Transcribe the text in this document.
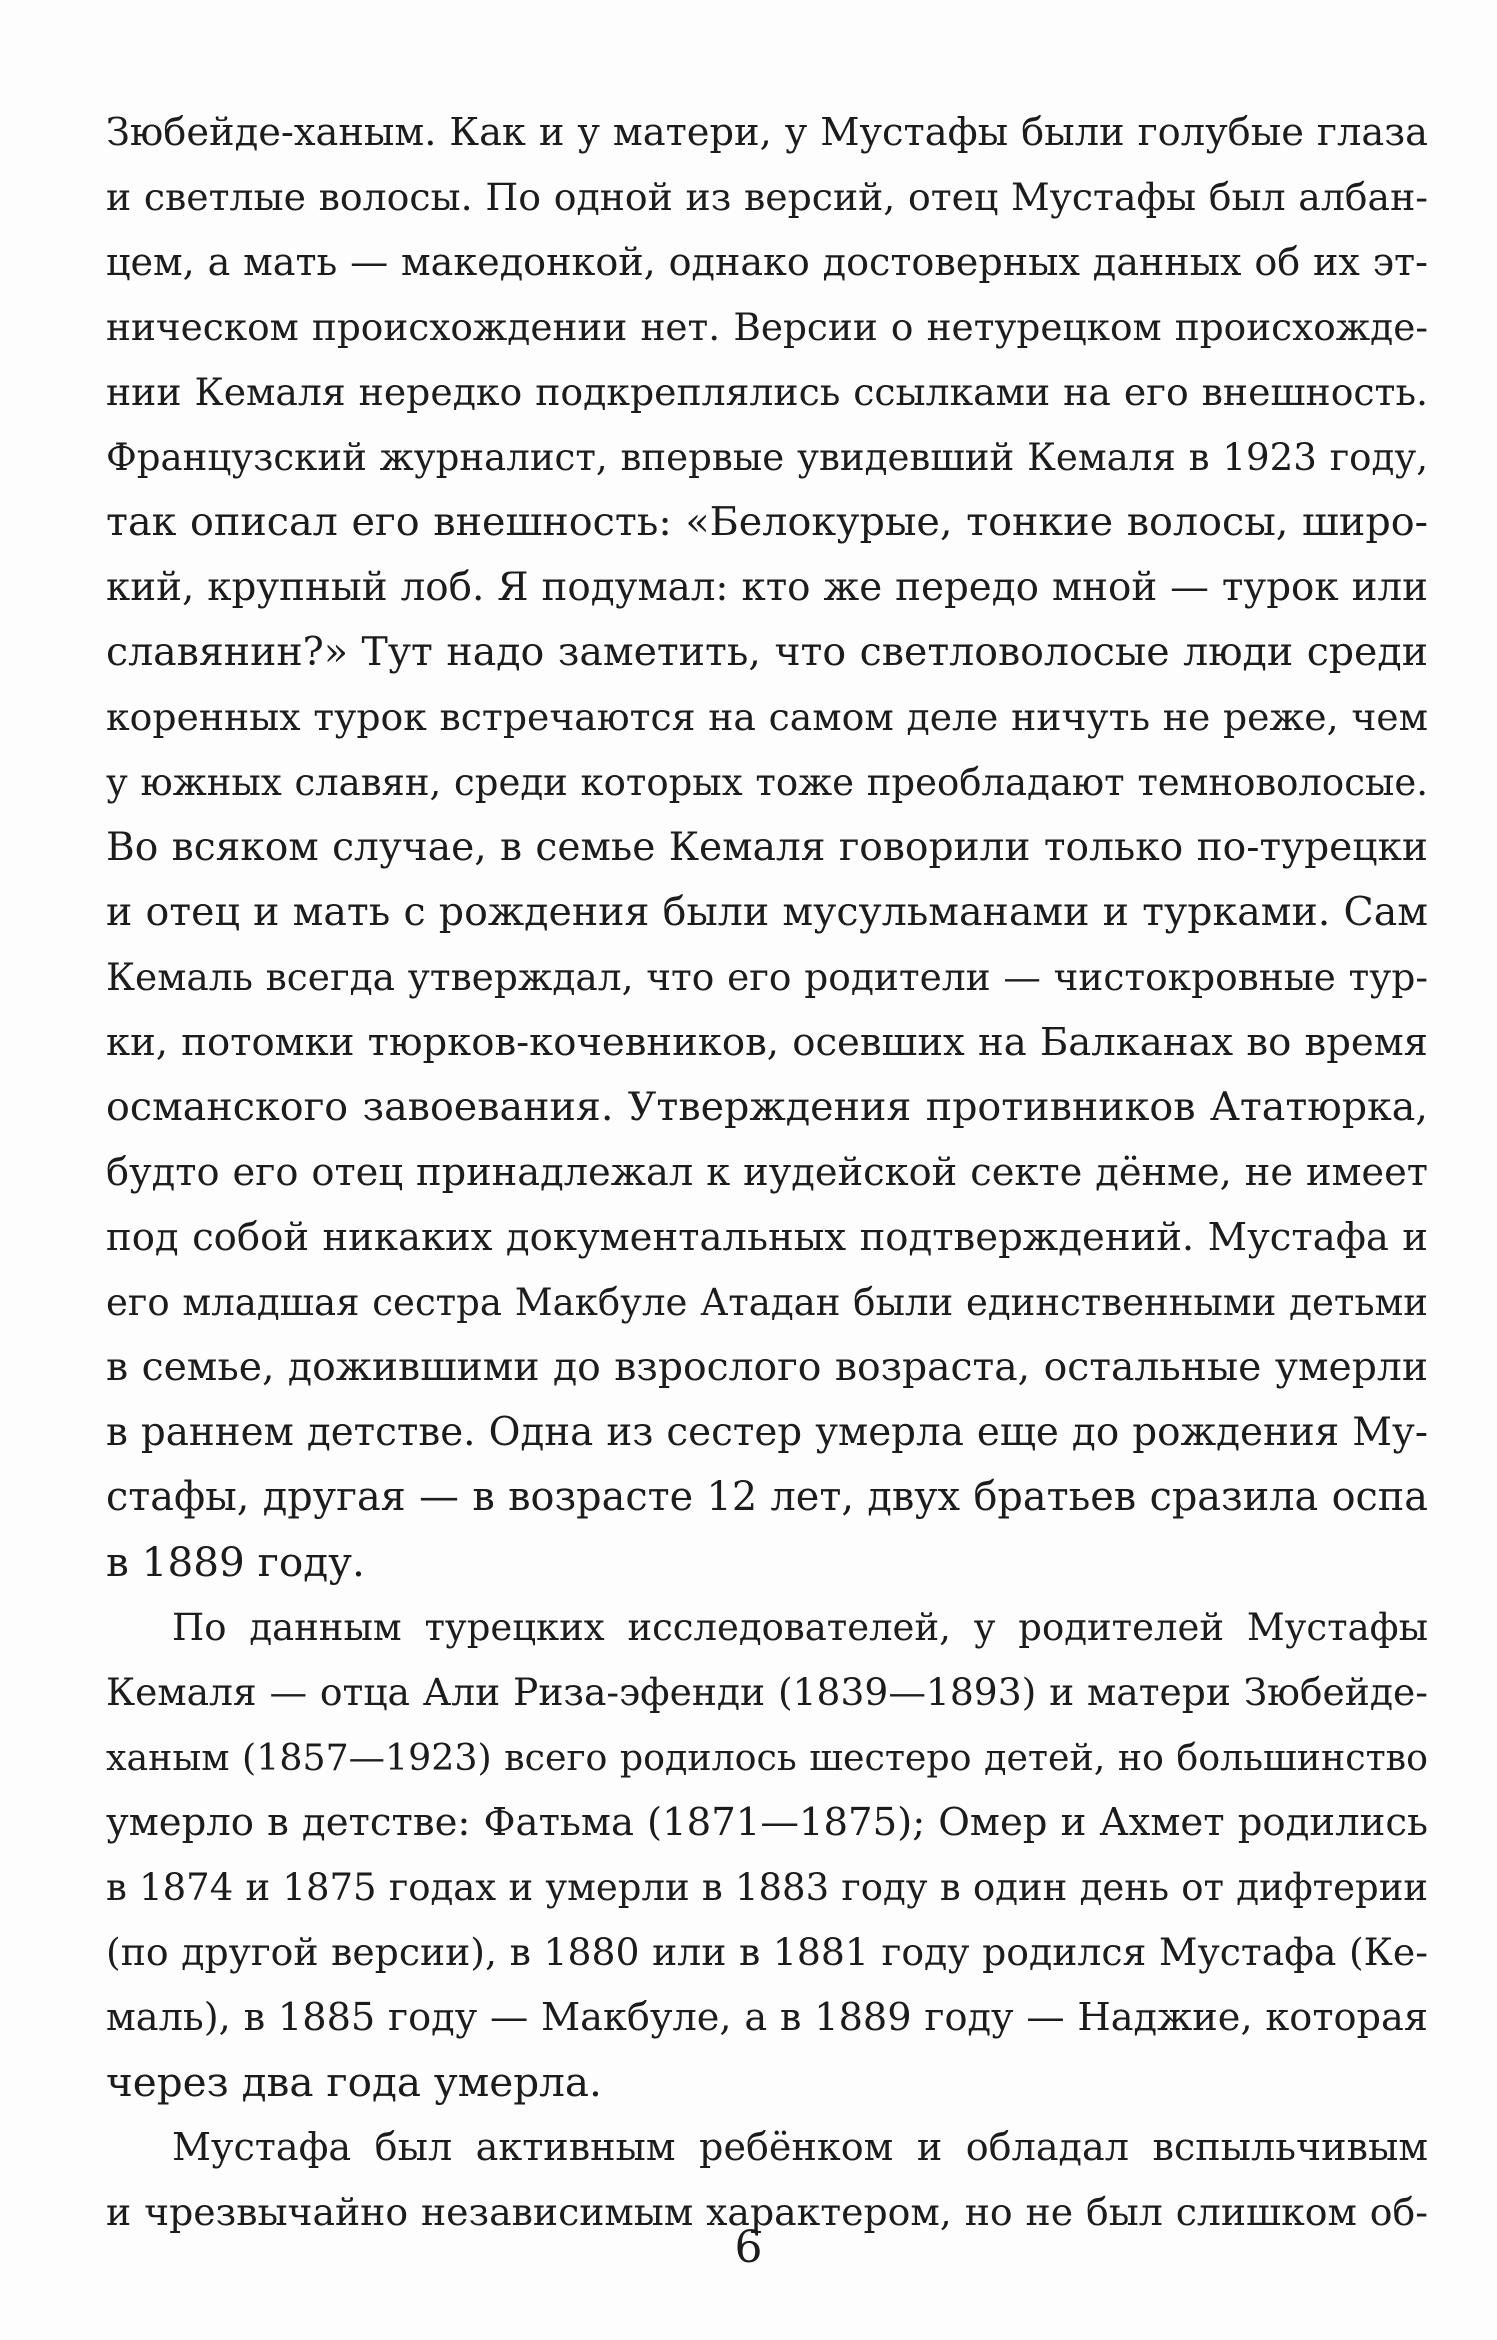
Зюбейде-ханым. Как и у матери, у Мустафы были голубые глаза
и светлые волосы. По одной из версий, отец Мустафы был албан-
цем, а мать — македонкой, однако достоверных данных об их эт-
ническом происхождении нет. Версии о нетурецком происхожде-
нии Кемаля нередко подкреплялись ссылками на его внешность.
Французский журналист, впервые увидевший Кемаля в 1923 году,
так описал его внешность: «Белокурые, тонкие волосы, широ-
кий, крупный лоб. Я подумал: кто же передо мной — турок или
славянин?» Тут надо заметить, что светловолосые люди среди
коренных турок встречаются на самом деле ничуть не реже, чем
у южных славян, среди которых тоже преобладают темноволосые.
Во всяком случае, в семье Кемаля говорили только по-турецки
и отец и мать с рождения были мусульманами и турками. Сам
Кемаль всегда утверждал, что его родители — чистокровные тур-
ки, потомки тюрков-кочевников, осевших на Балканах во время
османского завоевания. Утверждения противников Ататюрка,
будто его отец принадлежал к иудейской секте дёнме, не имеет
под собой никаких документальных подтверждений. Мустафа и
его младшая сестра Макбуле Атадан были единственными детьми
в семье, дожившими до взрослого возраста, остальные умерли
в раннем детстве. Одна из сестер умерла еще до рождения Му-
стафы, другая — в возрасте 12 лет, двух братьев сразила оспа
в 1889 году.
По данным турецких исследователей, у родителей Мустафы
Кемаля — отца Али Риза-эфенди (1839—1893) и матери Зюбейде-
ханым (1857—1923) всего родилось шестеро детей, но большинство
умерло в детстве: Фатьма (1871—1875); Омер и Ахмет родились
в 1874 и 1875 годах и умерли в 1883 году в один день от дифтерии
(по другой версии), в 1880 или в 1881 году родился Мустафа (Ке-
маль), в 1885 году — Макбуле, а в 1889 году — Наджие, которая
через два года умерла.
Мустафа был активным ребёнком и обладал вспыльчивым
и чрезвычайно независимым характером, но не был слишком об-
6
